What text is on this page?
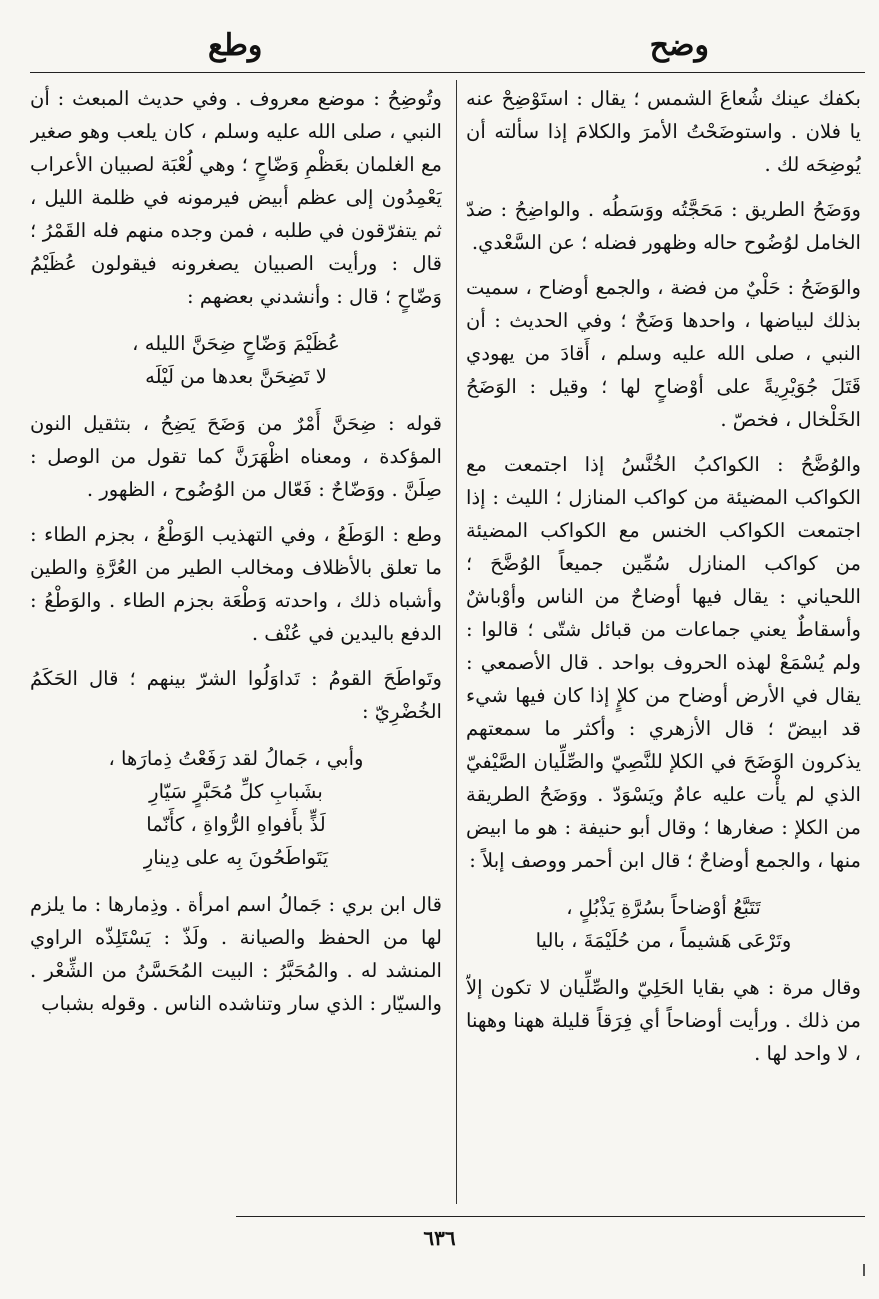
وضح
وطع

بكفك عينك شُعاعَ الشمس ؛ يقال : استَوْضِحْ عنه يا فلان . واستوضَحْتُ الأمرَ والكلامَ إذا سألته أن يُوضِحَه لك .

ووَضَحُ الطريق : مَحَجَّتُه ووَسَطُه . والواضِحُ : ضدّ الخامل لوُضُوح حاله وظهور فضله ؛ عن السَّعْدي.

والوَضَحُ : حَلْيٌ من فضة ، والجمع أوضاح ، سميت بذلك لبياضها ، واحدها وَضَحٌ ؛ وفي الحديث : أن النبي ، صلى الله عليه وسلم ، أَقادَ من يهودي قَتَلَ جُوَيْرِيةً على أوْضاحٍ لها ؛ وقيل : الوَضَحُ الخَلْخال ، فخصّ .

والوُضَّحُ : الكواكبُ الخُنَّسُ إذا اجتمعت مع الكواكب المضيئة من كواكب المنازل ؛ الليث : إذا اجتمعت الكواكب الخنس مع الكواكب المضيئة من كواكب المنازل سُمِّين جميعاً الوُضَّحَ ؛ اللحياني : يقال فيها أوضاحٌ من الناس وأوْباشٌ وأسقاطٌ يعني جماعات من قبائل شتّى ؛ قالوا : ولم يُسْمَعْ لهذه الحروف بواحد . قال الأصمعي : يقال في الأرض أوضاح من كلإٍ إذا كان فيها شيء قد ابيضّ ؛ قال الأزهري : وأكثر ما سمعتهم يذكرون الوَضَحَ في الكلإ للنَّصِيّ والصِّلِّيان الصَّيْفيّ الذي لم يأْت عليه عامٌ ويَسْوَدّ . ووَضَحُ الطريقة من الكلإ : صغارها ؛ وقال أبو حنيفة : هو ما ابيض منها ، والجمع أوضاحٌ ؛ قال ابن أحمر ووصف إبلاً :

تَتَبَّعُ أوْضاحاً بسُرَّةِ يَذْبُلٍ ،
وتَرْعَى هَشيماً ، من حُلَيْمَةَ ، باليا

وقال مرة : هي بقايا الحَلِيّ والصِّلِّيان لا تكون إلاّ من ذلك . ورأيت أوضاحاً أي فِرَقاً قليلة ههنا وههنا ، لا واحد لها .

وتُوضِحُ : موضع معروف . وفي حديث المبعث : أن النبي ، صلى الله عليه وسلم ، كان يلعب وهو صغير مع الغلمان بعَظْمِ وَضّاحٍ ؛ وهي لُعْبَة لصبيان الأعراب يَعْمِدُون إلى عظم أبيض فيرمونه في ظلمة الليل ، ثم يتفرّقون في طلبه ، فمن وجده منهم فله القَمْرُ ؛ قال : ورأيت الصبيان يصغرونه فيقولون عُظَيْمُ وَضّاحٍ ؛ قال : وأنشدني بعضهم :

عُظَيْمَ وَضّاحٍ ضِحَنَّ الليله ،
لا تَضِحَنَّ بعدها من لَيْلَه

قوله : ضِحَنَّ أَمْرٌ من وَضَحَ يَضِحُ ، بتثقيل النون المؤكدة ، ومعناه اظْهَرَنَّ كما تقول من الوصل : صِلَنَّ . ووَضّاحٌ : فَعّال من الوُضُوح ، الظهور .

وطع : الوَطَعُ ، وفي التهذيب الوَطْعُ ، بجزم الطاء : ما تعلق بالأظلاف ومخالب الطير من العُرَّةِ والطين وأشباه ذلك ، واحدته وَطْعَة بجزم الطاء . والوَطْعُ : الدفع باليدين في عُنْف .

وتَواطَحَ القومُ : تَداوَلُوا الشرّ بينهم ؛ قال الحَكَمُ الخُضْرِيّ :

وأبي ، جَمالُ لقد رَفَعْتُ ذِمارَها ،
بشَبابِ كلِّ مُحَبَّرٍ سَيّارِ
لَذٍّ بأَفواهِ الرُّواةِ ، كأَنّما
يَتَواطَحُونَ بِه على دِينارِ

قال ابن بري : جَمالُ اسم امرأة . وذِمارها : ما يلزم لها من الحفظ والصيانة . ولَذّ : يَسْتَلِذّه الراوي المنشد له . والمُحَبَّرُ : البيت المُحَسَّنُ من الشِّعْر . والسيّار : الذي سار وتناشده الناس . وقوله بشباب

٦٣٦
